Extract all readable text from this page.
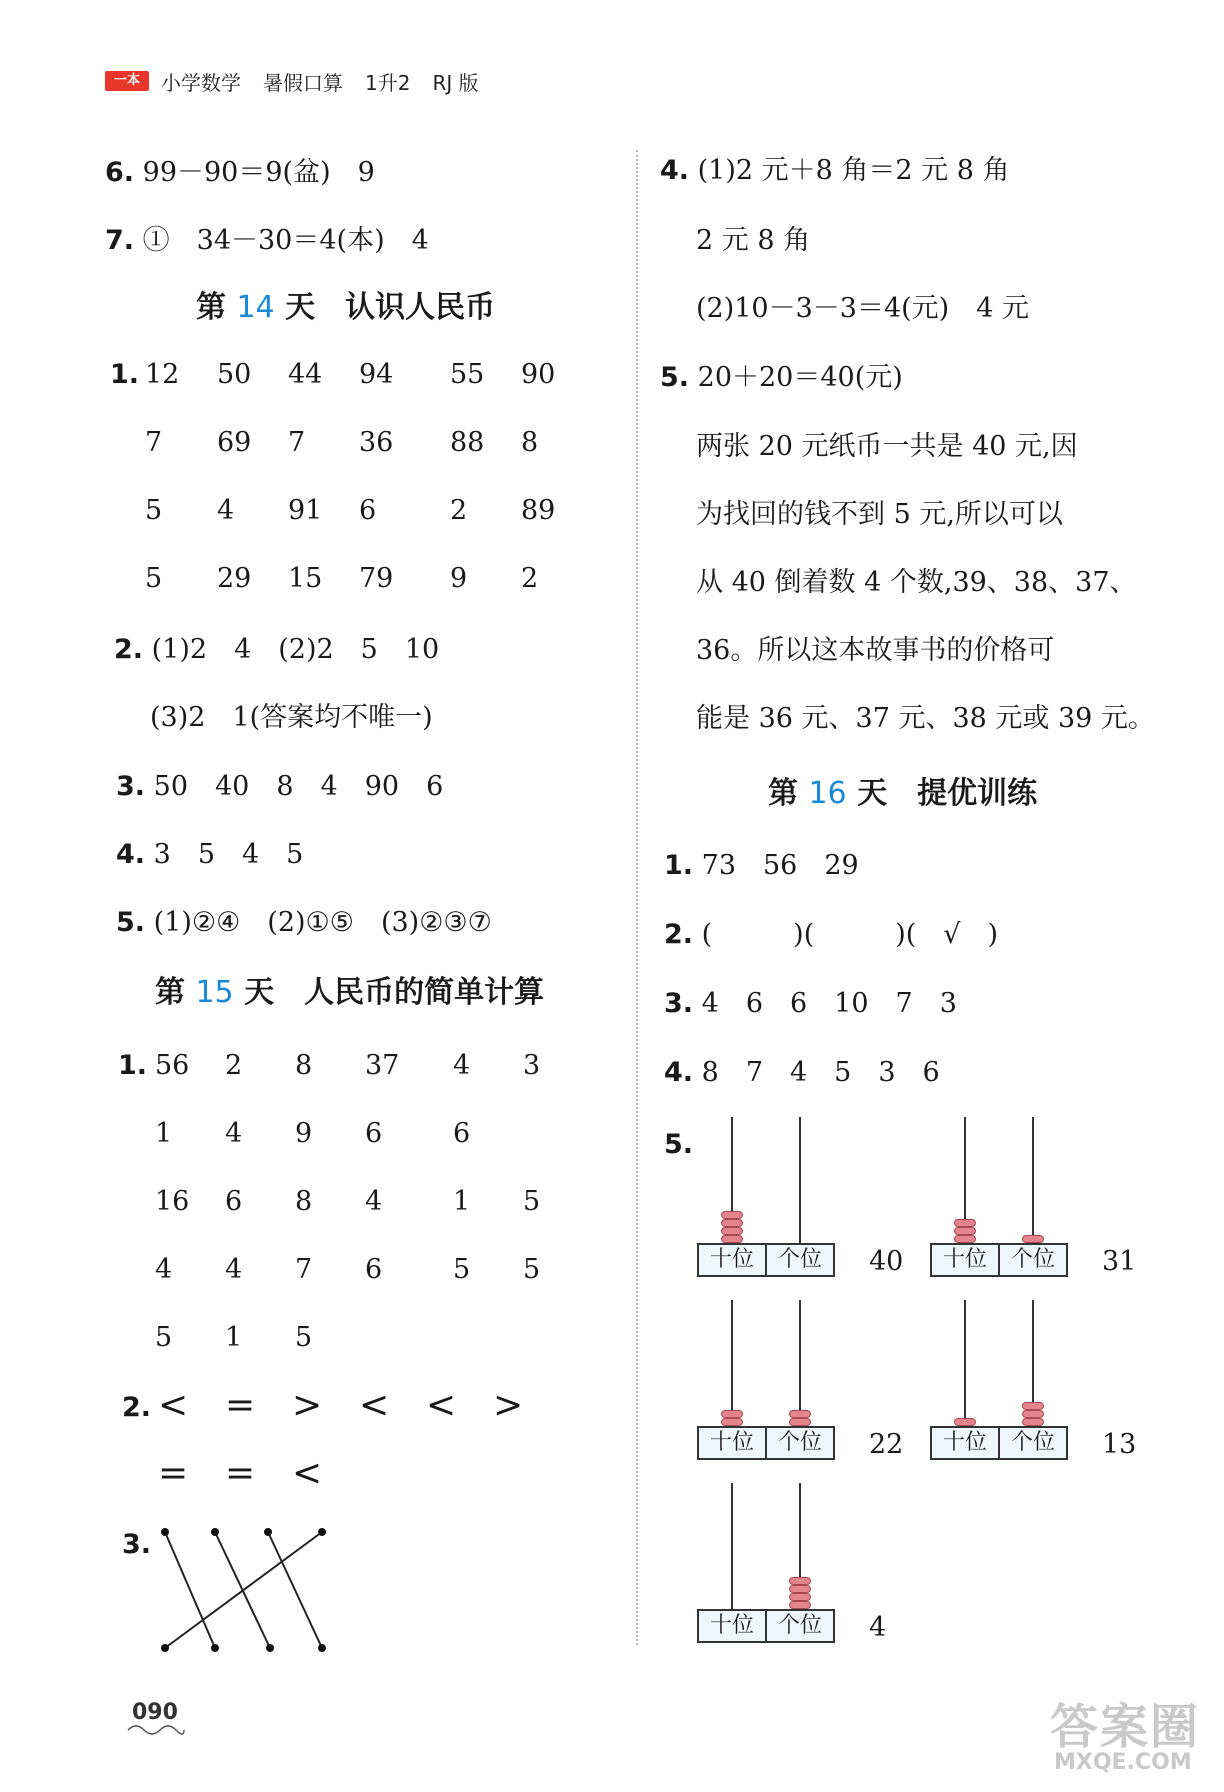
一本	小学数学 暑假口算 1升2 RJ 版
6. 99－90＝9(盆)　9
7. ①　34－30＝4(本)　4
第 14 天　认识人民币
1. 12 50 44 94 55 90
7 69 7 36 88 8
5 4 91 6	2 89
5 29 15 79 9 2
2. (1)2　4　(2)2　5　10
(3)2　1(答案均不唯一)
3. 50　40　8　4　90　6
4. 3　5　4　5
5. (1)②④　(2)①⑤　(3)②③⑦
第 15 天　人民币的简单计算
1. 56 2 8 37 4 3
1 4 9 6	6
16 6 8 4	1 5
4 4 7 6	5 5
5 1 5
2. < = > < < >
= = <
3.
4. (1)2 元＋8 角＝2 元 8 角
2 元 8 角
(2)10－3－3＝4(元)　4 元
5. 20＋20＝40(元)
两张 20 元纸币一共是 40 元,因
为找回的钱不到 5 元,所以可以
从 40 倒着数 4 个数,39、38、37、
36。所以这本故事书的价格可
能是 36 元、37 元、38 元或 39 元。
第 16 天　提优训练
1. 73　56　29
2. (　　　)(　　　)(　√　)
3. 4　6　6　10　7　3
4. 8　7　4　5　3　6
5.
十位	个位	40	十位	个位	31
十位	个位	22	十位	个位	13
十位	个位	4
090	答案圈
MXQE.COM
